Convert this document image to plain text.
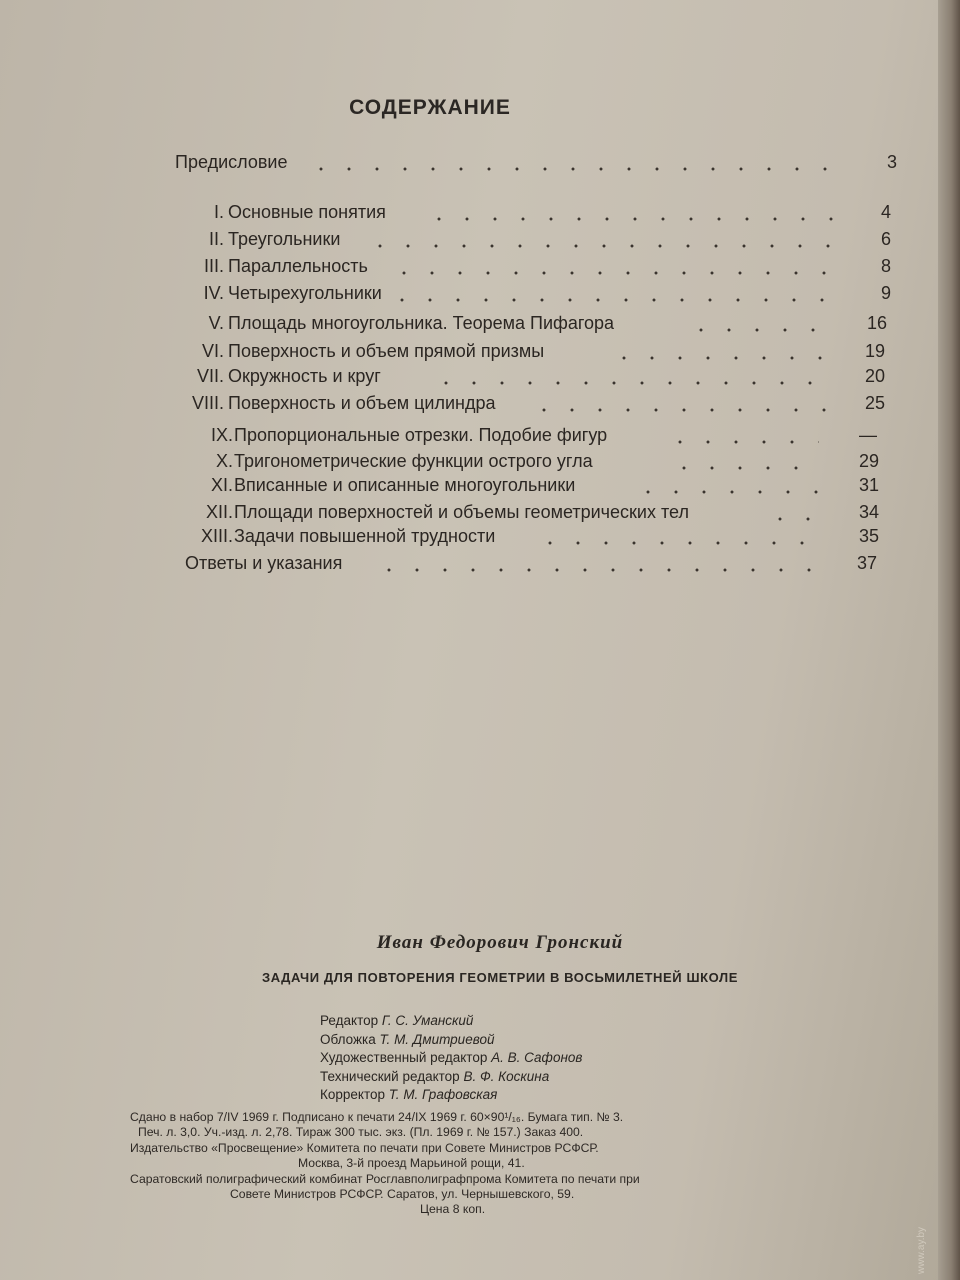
СОДЕРЖАНИЕ
Предисловие	3
I. Основные понятия	4
II. Треугольники	6
III. Параллельность	8
IV. Четырехугольники	9
V. Площадь многоугольника. Теорема Пифагора	16
VI. Поверхность и объем прямой призмы	19
VII. Окружность и круг	20
VIII. Поверхность и объем цилиндра	25
IX. Пропорциональные отрезки. Подобие фигур	—
X. Тригонометрические функции острого угла	29
XI. Вписанные и описанные многоугольники	31
XII. Площади поверхностей и объемы геометрических тел	34
XIII. Задачи повышенной трудности	35
Ответы и указания	37
Иван Федорович Гронский
ЗАДАЧИ ДЛЯ ПОВТОРЕНИЯ ГЕОМЕТРИИ В ВОСЬМИЛЕТНЕЙ ШКОЛЕ
Редактор Г. С. Уманский
Обложка Т. М. Дмитриевой
Художественный редактор А. В. Сафонов
Технический редактор В. Ф. Коскина
Корректор Т. М. Графовская
Сдано в набор 7/IV 1969 г. Подписано к печати 24/IX 1969 г. 60×90¹/₁₆. Бумага тип. № 3.
Печ. л. 3,0. Уч.-изд. л. 2,78. Тираж 300 тыс. экз. (Пл. 1969 г. № 157.) Заказ 400.
Издательство «Просвещение» Комитета по печати при Совете Министров РСФСР.
Москва, 3-й проезд Марьиной рощи, 41.
Саратовский полиграфический комбинат Росглавполиграфпрома Комитета по печати при
Совете Министров РСФСР. Саратов, ул. Чернышевского, 59.
Цена 8 коп.
www.ay.by
